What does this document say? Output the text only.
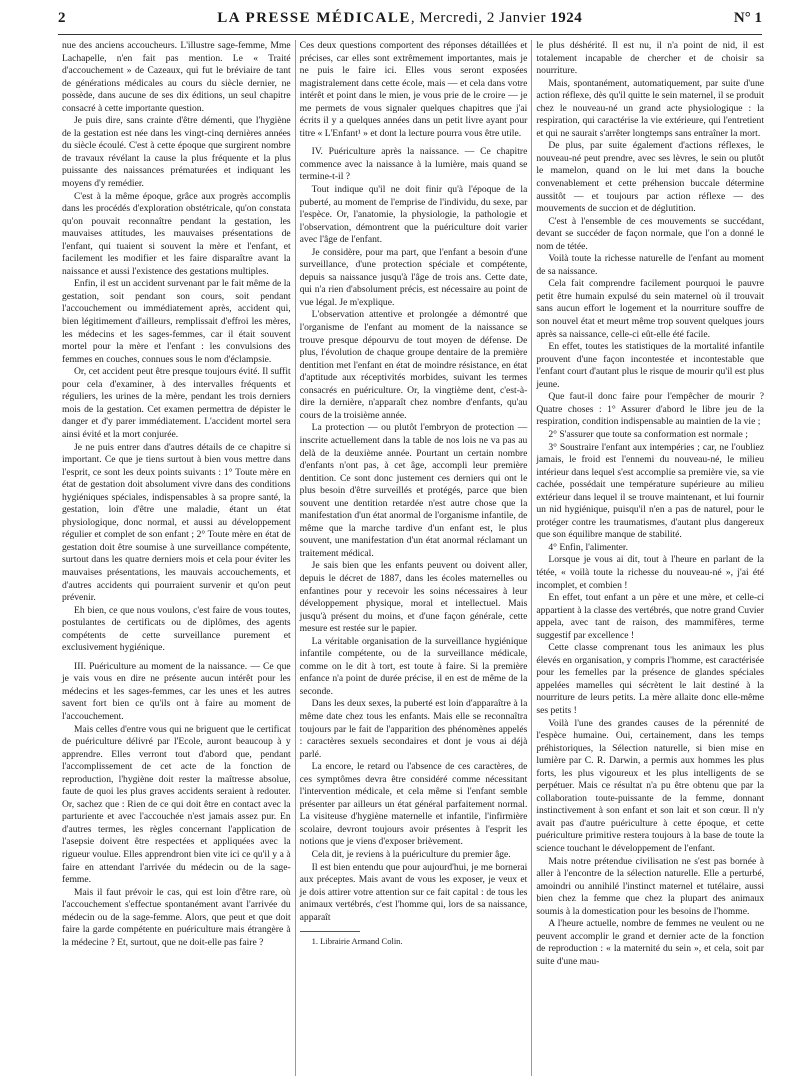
2	LA PRESSE MÉDICALE, Mercredi, 2 Janvier 1924	N° 1

nue des anciens accoucheurs. L'illustre sage-femme, Mme Lachapelle, n'en fait pas mention. Le « Traité d'accouchement » de Cazeaux, qui fut le bréviaire de tant de générations médicales au cours du siècle dernier, ne possède, dans aucune de ses dix éditions, un seul chapitre consacré à cette importante question.

Je puis dire, sans crainte d'être démenti, que l'hygiène de la gestation est née dans les vingt-cinq dernières années du siècle écoulé. C'est à cette époque que surgirent nombre de travaux révélant la cause la plus fréquente et la plus puissante des naissances prématurées et indiquant les moyens d'y remédier.

C'est à la même époque, grâce aux progrès accomplis dans les procédés d'exploration obstétricale, qu'on constata qu'on pouvait reconnaître pendant la gestation, les mauvaises attitudes, les mauvaises présentations de l'enfant, qui tuaient si souvent la mère et l'enfant, et facilement les modifier et les faire disparaître avant la naissance et aussi l'existence des gestations multiples.

Enfin, il est un accident survenant par le fait même de la gestation, soit pendant son cours, soit pendant l'accouchement ou immédiatement après, accident qui, bien légitimement d'ailleurs, remplissait d'effroi les mères, les médecins et les sages-femmes, car il était souvent mortel pour la mère et l'enfant : les convulsions des femmes en couches, connues sous le nom d'éclampsie.

Or, cet accident peut être presque toujours évité. Il suffit pour cela d'examiner, à des intervalles fréquents et réguliers, les urines de la mère, pendant les trois derniers mois de la gestation. Cet examen permettra de dépister le danger et d'y parer immédiatement. L'accident mortel sera ainsi évité et la mort conjurée.

Je ne puis entrer dans d'autres détails de ce chapitre si important. Ce que je tiens surtout à bien vous mettre dans l'esprit, ce sont les deux points suivants : 1° Toute mère en état de gestation doit absolument vivre dans des conditions hygiéniques spéciales, indispensables à sa propre santé, la gestation, loin d'être une maladie, étant un état physiologique, donc normal, et aussi au développement régulier et complet de son enfant ; 2° Toute mère en état de gestation doit être soumise à une surveillance compétente, surtout dans les quatre derniers mois et cela pour éviter les mauvaises présentations, les mauvais accouchements, et d'autres accidents qui pourraient survenir et qu'on peut prévenir.

Eh bien, ce que nous voulons, c'est faire de vous toutes, postulantes de certificats ou de diplômes, des agents compétents de cette surveillance purement et exclusivement hygiénique.

III. Puériculture au moment de la naissance. — Ce que je vais vous en dire ne présente aucun intérêt pour les médecins et les sages-femmes, car les unes et les autres savent fort bien ce qu'ils ont à faire au moment de l'accouchement.

Mais celles d'entre vous qui ne briguent que le certificat de puériculture délivré par l'Ecole, auront beaucoup à y apprendre. Elles verront tout d'abord que, pendant l'accomplissement de cet acte de la fonction de reproduction, l'hygiène doit rester la maîtresse absolue, faute de quoi les plus graves accidents seraient à redouter. Or, sachez que : Rien de ce qui doit être en contact avec la parturiente et avec l'accouchée n'est jamais assez pur. En d'autres termes, les règles concernant l'application de l'asepsie doivent être respectées et appliquées avec la rigueur voulue. Elles apprendront bien vite ici ce qu'il y a à faire en attendant l'arrivée du médecin ou de la sage-femme.

Mais il faut prévoir le cas, qui est loin d'être rare, où l'accouchement s'effectue spontanément avant l'arrivée du médecin ou de la sage-femme. Alors, que peut et que doit faire la garde compétente en puériculture mais étrangère à la médecine ? Et, surtout, que ne doit-elle pas faire ?

Ces deux questions comportent des réponses détaillées et précises, car elles sont extrêmement importantes, mais je ne puis le faire ici. Elles vous seront exposées magistralement dans cette école, mais — et cela dans votre intérêt et point dans le mien, je vous prie de le croire — je me permets de vous signaler quelques chapitres que j'ai écrits il y a quelques années dans un petit livre ayant pour titre « L'Enfant¹ » et dont la lecture pourra vous être utile.

IV. Puériculture après la naissance. — Ce chapitre commence avec la naissance à la lumière, mais quand se termine-t-il ?

Tout indique qu'il ne doit finir qu'à l'époque de la puberté, au moment de l'emprise de l'individu, du sexe, par l'espèce. Or, l'anatomie, la physiologie, la pathologie et l'observation, démontrent que la puériculture doit varier avec l'âge de l'enfant.

Je considère, pour ma part, que l'enfant a besoin d'une surveillance, d'une protection spéciale et compétente, depuis sa naissance jusqu'à l'âge de trois ans. Cette date, qui n'a rien d'absolument précis, est nécessaire au point de vue légal. Je m'explique.

L'observation attentive et prolongée a démontré que l'organisme de l'enfant au moment de la naissance se trouve presque dépourvu de tout moyen de défense. De plus, l'évolution de chaque groupe dentaire de la première dentition met l'enfant en état de moindre résistance, en état d'aptitude aux réceptivités morbides, suivant les termes consacrés en puériculture. Or, la vingtième dent, c'est-à-dire la dernière, n'apparaît chez nombre d'enfants, qu'au cours de la troisième année.

La protection — ou plutôt l'embryon de protection — inscrite actuellement dans la table de nos lois ne va pas au delà de la deuxième année. Pourtant un certain nombre d'enfants n'ont pas, à cet âge, accompli leur première dentition. Ce sont donc justement ces derniers qui ont le plus besoin d'être surveillés et protégés, parce que bien souvent une dentition retardée n'est autre chose que la manifestation d'un état anormal de l'organisme infantile, de même que la marche tardive d'un enfant est, le plus souvent, une manifestation d'un état anormal réclamant un traitement médical.

Je sais bien que les enfants peuvent ou doivent aller, depuis le décret de 1887, dans les écoles maternelles ou enfantines pour y recevoir les soins nécessaires à leur développement physique, moral et intellectuel. Mais jusqu'à présent du moins, et d'une façon générale, cette mesure est restée sur le papier.

La véritable organisation de la surveillance hygiénique infantile compétente, ou de la surveillance médicale, comme on le dit à tort, est toute à faire. Si la première enfance n'a point de durée précise, il en est de même de la seconde.

Dans les deux sexes, la puberté est loin d'apparaître à la même date chez tous les enfants. Mais elle se reconnaîtra toujours par le fait de l'apparition des phénomènes appelés : caractères sexuels secondaires et dont je vous ai déjà parlé.

La encore, le retard ou l'absence de ces caractères, de ces symptômes devra être considéré comme nécessitant l'intervention médicale, et cela même si l'enfant semble présenter par ailleurs un état général parfaitement normal. La visiteuse d'hygiène maternelle et infantile, l'infirmière scolaire, devront toujours avoir présentes à l'esprit les notions que je viens d'exposer brièvement.

Cela dit, je reviens à la puériculture du premier âge.

Il est bien entendu que pour aujourd'hui, je me bornerai aux préceptes. Mais avant de vous les exposer, je veux et je dois attirer votre attention sur ce fait capital : de tous les animaux vertébrés, c'est l'homme qui, lors de sa naissance, apparaît

1. Librairie Armand Colin.

le plus déshérité. Il est nu, il n'a point de nid, il est totalement incapable de chercher et de choisir sa nourriture.

Mais, spontanément, automatiquement, par suite d'une action réflexe, dès qu'il quitte le sein maternel, il se produit chez le nouveau-né un grand acte physiologique : la respiration, qui caractérise la vie extérieure, qui l'entretient et qui ne saurait s'arrêter longtemps sans entraîner la mort.

De plus, par suite également d'actions réflexes, le nouveau-né peut prendre, avec ses lèvres, le sein ou plutôt le mamelon, quand on le lui met dans la bouche convenablement et cette préhension buccale détermine aussitôt — et toujours par action réflexe — des mouvements de succion et de déglutition.

C'est à l'ensemble de ces mouvements se succédant, devant se succéder de façon normale, que l'on a donné le nom de tétée.

Voilà toute la richesse naturelle de l'enfant au moment de sa naissance.

Cela fait comprendre facilement pourquoi le pauvre petit être humain expulsé du sein maternel où il trouvait sans aucun effort le logement et la nourriture souffre de son nouvel état et meurt même trop souvent quelques jours après sa naissance, celle-ci eût-elle été facile.

En effet, toutes les statistiques de la mortalité infantile prouvent d'une façon incontestée et incontestable que l'enfant court d'autant plus le risque de mourir qu'il est plus jeune.

Que faut-il donc faire pour l'empêcher de mourir ? Quatre choses : 1° Assurer d'abord le libre jeu de la respiration, condition indispensable au maintien de la vie ;

2° S'assurer que toute sa conformation est normale ;

3° Soustraire l'enfant aux intempéries ; car, ne l'oubliez jamais, le froid est l'ennemi du nouveau-né, le milieu intérieur dans lequel s'est accomplie sa première vie, sa vie cachée, possédait une température supérieure au milieu extérieur dans lequel il se trouve maintenant, et lui fournir un nid hygiénique, puisqu'il n'en a pas de naturel, pour le protéger contre les traumatismes, d'autant plus dangereux que son équilibre manque de stabilité.

4° Enfin, l'alimenter.

Lorsque je vous ai dit, tout à l'heure en parlant de la tétée, « voilà toute la richesse du nouveau-né », j'ai été incomplet, et combien !

En effet, tout enfant a un père et une mère, et celle-ci appartient à la classe des vertébrés, que notre grand Cuvier appela, avec tant de raison, des mammifères, terme suggestif par excellence !

Cette classe comprenant tous les animaux les plus élevés en organisation, y compris l'homme, est caractérisée pour les femelles par la présence de glandes spéciales appelées mamelles qui sécrètent le lait destiné à la nourriture de leurs petits. La mère allaite donc elle-même ses petits !

Voilà l'une des grandes causes de la pérennité de l'espèce humaine. Oui, certainement, dans les temps préhistoriques, la Sélection naturelle, si bien mise en lumière par C. R. Darwin, a permis aux hommes les plus forts, les plus vigoureux et les plus intelligents de se perpétuer. Mais ce résultat n'a pu être obtenu que par la collaboration toute-puissante de la femme, donnant instinctivement à son enfant et son lait et son cœur. Il n'y avait pas d'autre puériculture à cette époque, et cette puériculture primitive restera toujours à la base de toute la science touchant le développement de l'enfant.

Mais notre prétendue civilisation ne s'est pas bornée à aller à l'encontre de la sélection naturelle. Elle a perturbé, amoindri ou annihilé l'instinct maternel et tutélaire, aussi bien chez la femme que chez la plupart des animaux soumis à la domestication pour les besoins de l'homme.

A l'heure actuelle, nombre de femmes ne veulent ou ne peuvent accomplir le grand et dernier acte de la fonction de reproduction : « la maternité du sein », et cela, soit par suite d'une mau-
